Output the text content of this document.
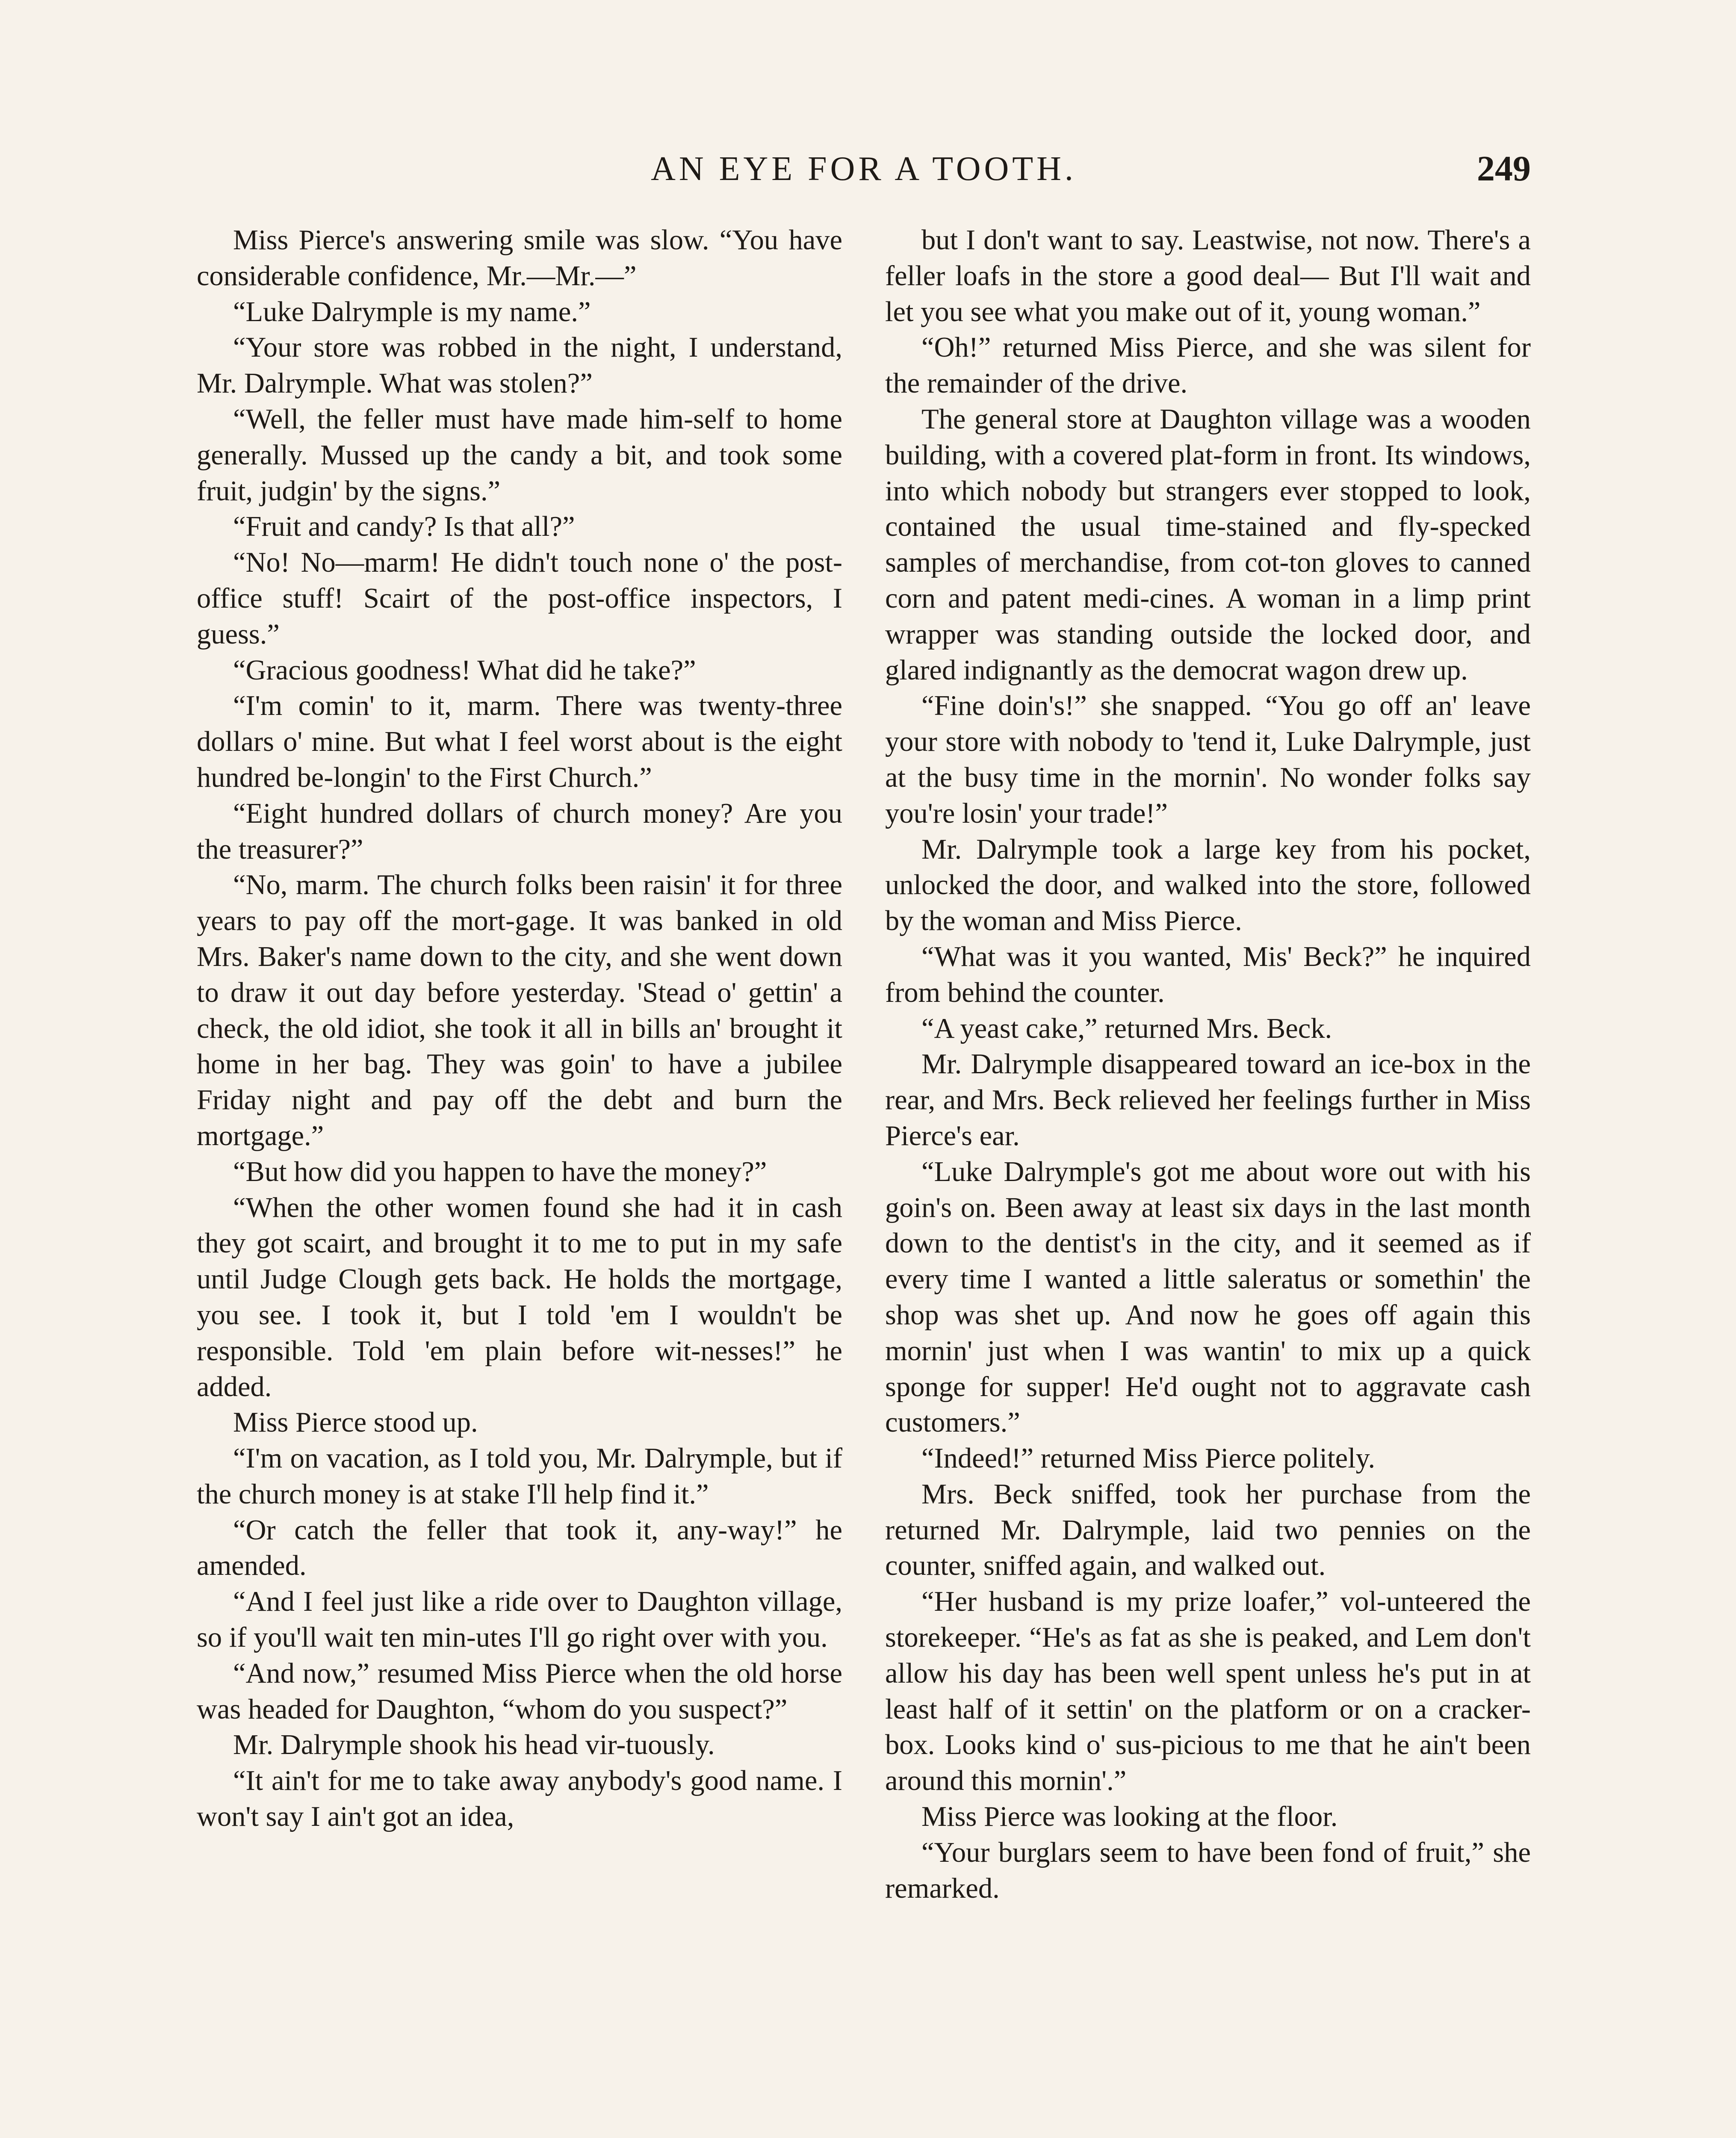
AN EYE FOR A TOOTH.	249

Miss Pierce's answering smile was slow. “You have considerable confidence, Mr.—Mr.—”

“Luke Dalrymple is my name.”

“Your store was robbed in the night, I understand, Mr. Dalrymple. What was stolen?”

“Well, the feller must have made him-self to home generally. Mussed up the candy a bit, and took some fruit, judgin' by the signs.”

“Fruit and candy? Is that all?”

“No! No—marm! He didn't touch none o' the post-office stuff! Scairt of the post-office inspectors, I guess.”

“Gracious goodness! What did he take?”

“I'm comin' to it, marm. There was twenty-three dollars o' mine. But what I feel worst about is the eight hundred be-longin' to the First Church.”

“Eight hundred dollars of church money? Are you the treasurer?”

“No, marm. The church folks been raisin' it for three years to pay off the mort-gage. It was banked in old Mrs. Baker's name down to the city, and she went down to draw it out day before yesterday. 'Stead o' gettin' a check, the old idiot, she took it all in bills an' brought it home in her bag. They was goin' to have a jubilee Friday night and pay off the debt and burn the mortgage.”

“But how did you happen to have the money?”

“When the other women found she had it in cash they got scairt, and brought it to me to put in my safe until Judge Clough gets back. He holds the mortgage, you see. I took it, but I told 'em I wouldn't be responsible. Told 'em plain before wit-nesses!” he added.

Miss Pierce stood up.

“I'm on vacation, as I told you, Mr. Dalrymple, but if the church money is at stake I'll help find it.”

“Or catch the feller that took it, any-way!” he amended.

“And I feel just like a ride over to Daughton village, so if you'll wait ten min-utes I'll go right over with you.

“And now,” resumed Miss Pierce when the old horse was headed for Daughton, “whom do you suspect?”

Mr. Dalrymple shook his head vir-tuously.

“It ain't for me to take away anybody's good name. I won't say I ain't got an idea,

but I don't want to say. Leastwise, not now. There's a feller loafs in the store a good deal— But I'll wait and let you see what you make out of it, young woman.”

“Oh!” returned Miss Pierce, and she was silent for the remainder of the drive.

The general store at Daughton village was a wooden building, with a covered plat-form in front. Its windows, into which nobody but strangers ever stopped to look, contained the usual time-stained and fly-specked samples of merchandise, from cot-ton gloves to canned corn and patent medi-cines. A woman in a limp print wrapper was standing outside the locked door, and glared indignantly as the democrat wagon drew up.

“Fine doin's!” she snapped. “You go off an' leave your store with nobody to 'tend it, Luke Dalrymple, just at the busy time in the mornin'. No wonder folks say you're losin' your trade!”

Mr. Dalrymple took a large key from his pocket, unlocked the door, and walked into the store, followed by the woman and Miss Pierce.

“What was it you wanted, Mis' Beck?” he inquired from behind the counter.

“A yeast cake,” returned Mrs. Beck.

Mr. Dalrymple disappeared toward an ice-box in the rear, and Mrs. Beck relieved her feelings further in Miss Pierce's ear.

“Luke Dalrymple's got me about wore out with his goin's on. Been away at least six days in the last month down to the dentist's in the city, and it seemed as if every time I wanted a little saleratus or somethin' the shop was shet up. And now he goes off again this mornin' just when I was wantin' to mix up a quick sponge for supper! He'd ought not to aggravate cash customers.”

“Indeed!” returned Miss Pierce politely.

Mrs. Beck sniffed, took her purchase from the returned Mr. Dalrymple, laid two pennies on the counter, sniffed again, and walked out.

“Her husband is my prize loafer,” vol-unteered the storekeeper. “He's as fat as she is peaked, and Lem don't allow his day has been well spent unless he's put in at least half of it settin' on the platform or on a cracker-box. Looks kind o' sus-picious to me that he ain't been around this mornin'.”

Miss Pierce was looking at the floor.

“Your burglars seem to have been fond of fruit,” she remarked.
